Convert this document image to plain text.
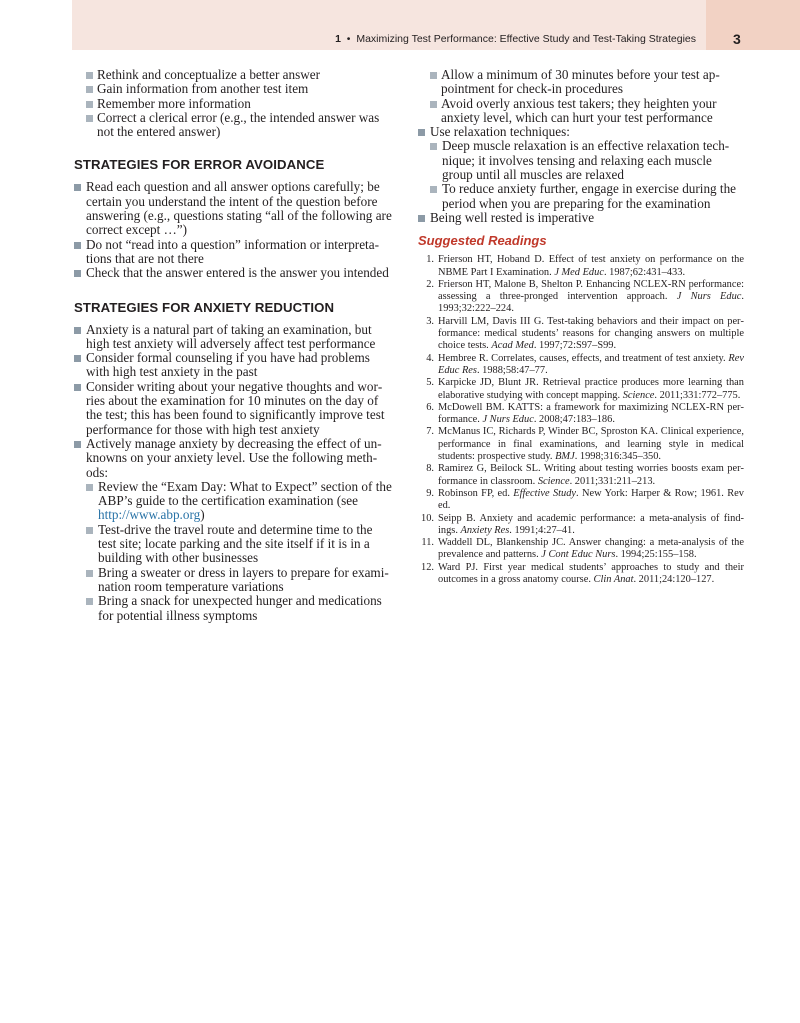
1 • Maximizing Test Performance: Effective Study and Test-Taking Strategies	3
Rethink and conceptualize a better answer
Gain information from another test item
Remember more information
Correct a clerical error (e.g., the intended answer was not the entered answer)
STRATEGIES FOR ERROR AVOIDANCE
Read each question and all answer options carefully; be certain you understand the intent of the question before answering (e.g., questions stating “all of the following are correct except …”)
Do not “read into a question” information or interpretations that are not there
Check that the answer entered is the answer you intended
STRATEGIES FOR ANXIETY REDUCTION
Anxiety is a natural part of taking an examination, but high test anxiety will adversely affect test performance
Consider formal counseling if you have had problems with high test anxiety in the past
Consider writing about your negative thoughts and worries about the examination for 10 minutes on the day of the test; this has been found to significantly improve test performance for those with high test anxiety
Actively manage anxiety by decreasing the effect of unknowns on your anxiety level. Use the following methods:
Review the “Exam Day: What to Expect” section of the ABP’s guide to the certification examination (see http://www.abp.org)
Test-drive the travel route and determine time to the test site; locate parking and the site itself if it is in a building with other businesses
Bring a sweater or dress in layers to prepare for examination room temperature variations
Bring a snack for unexpected hunger and medications for potential illness symptoms
Allow a minimum of 30 minutes before your test appointment for check-in procedures
Avoid overly anxious test takers; they heighten your anxiety level, which can hurt your test performance
Use relaxation techniques:
Deep muscle relaxation is an effective relaxation technique; it involves tensing and relaxing each muscle group until all muscles are relaxed
To reduce anxiety further, engage in exercise during the period when you are preparing for the examination
Being well rested is imperative
Suggested Readings
1. Frierson HT, Hoband D. Effect of test anxiety on performance on the NBME Part I Examination. J Med Educ. 1987;62:431–433.
2. Frierson HT, Malone B, Shelton P. Enhancing NCLEX-RN performance: assessing a three-pronged intervention approach. J Nurs Educ. 1993;32:222–224.
3. Harvill LM, Davis III G. Test-taking behaviors and their impact on performance: medical students’ reasons for changing answers on multiple choice tests. Acad Med. 1997;72:S97–S99.
4. Hembree R. Correlates, causes, effects, and treatment of test anxiety. Rev Educ Res. 1988;58:47–77.
5. Karpicke JD, Blunt JR. Retrieval practice produces more learning than elaborative studying with concept mapping. Science. 2011;331:772–775.
6. McDowell BM. KATTS: a framework for maximizing NCLEX-RN performance. J Nurs Educ. 2008;47:183–186.
7. McManus IC, Richards P, Winder BC, Sproston KA. Clinical experience, performance in final examinations, and learning style in medical students: prospective study. BMJ. 1998;316:345–350.
8. Ramirez G, Beilock SL. Writing about testing worries boosts exam performance in classroom. Science. 2011;331:211–213.
9. Robinson FP, ed. Effective Study. New York: Harper & Row; 1961. Rev ed.
10. Seipp B. Anxiety and academic performance: a meta-analysis of findings. Anxiety Res. 1991;4:27–41.
11. Waddell DL, Blankenship JC. Answer changing: a meta-analysis of the prevalence and patterns. J Cont Educ Nurs. 1994;25:155–158.
12. Ward PJ. First year medical students’ approaches to study and their outcomes in a gross anatomy course. Clin Anat. 2011;24:120–127.
